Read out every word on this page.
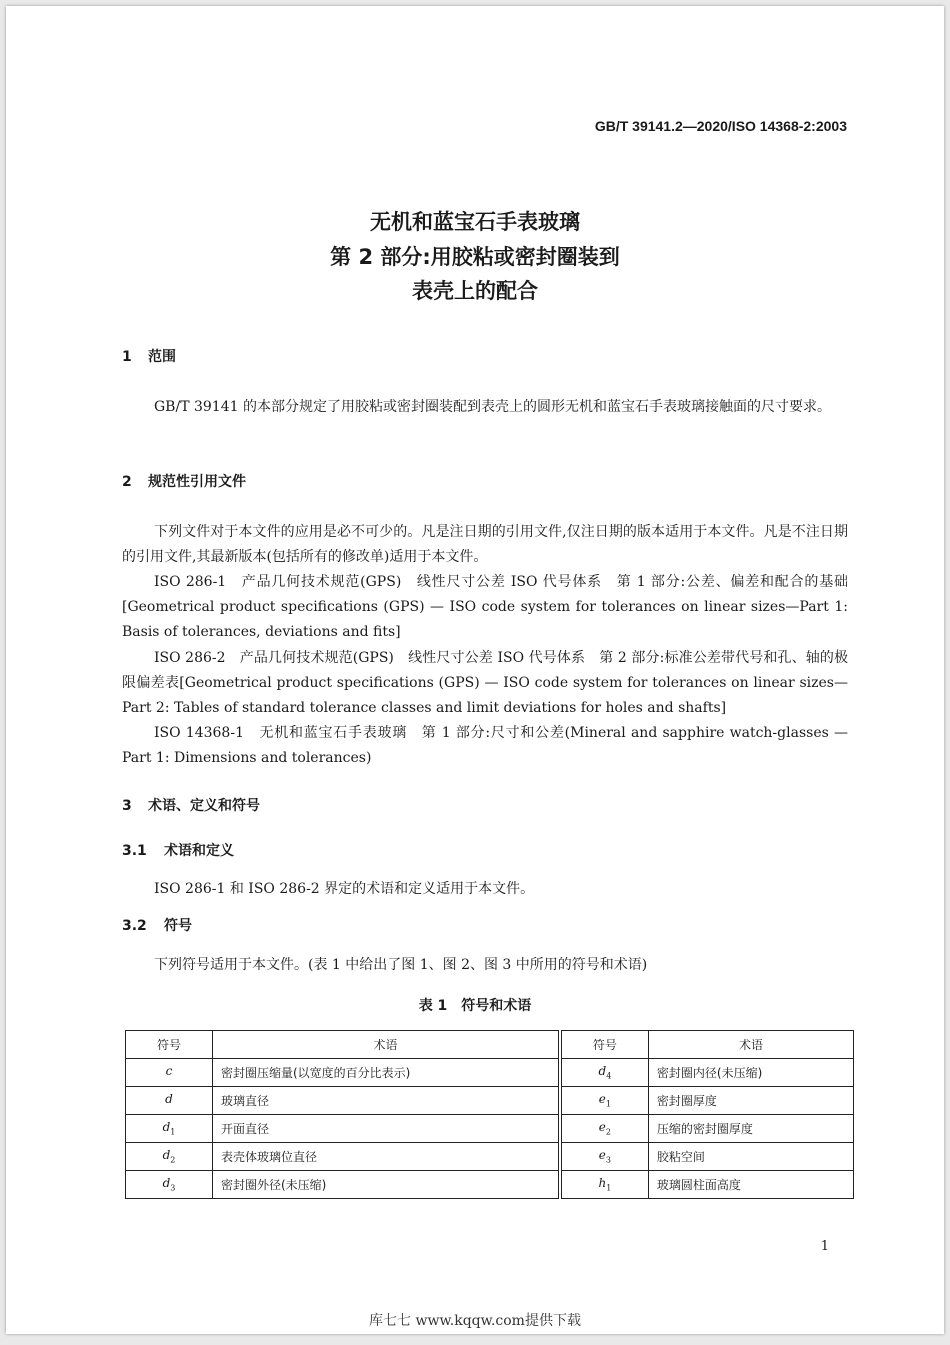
GB/T 39141.2—2020/ISO 14368-2:2003
无机和蓝宝石手表玻璃
第 2 部分:用胶粘或密封圈装到
表壳上的配合
1 范围

GB/T 39141 的本部分规定了用胶粘或密封圈装配到表壳上的圆形无机和蓝宝石手表玻璃接触面的尺寸要求。

2 规范性引用文件

下列文件对于本文件的应用是必不可少的。凡是注日期的引用文件,仅注日期的版本适用于本文件。凡是不注日期的引用文件,其最新版本(包括所有的修改单)适用于本文件。

ISO 286-1　产品几何技术规范(GPS)　线性尺寸公差 ISO 代号体系　第 1 部分:公差、偏差和配合的基础[Geometrical product specifications (GPS) — ISO code system for tolerances on linear sizes—Part 1: Basis of tolerances, deviations and fits]

ISO 286-2　产品几何技术规范(GPS)　线性尺寸公差 ISO 代号体系　第 2 部分:标准公差带代号和孔、轴的极限偏差表[Geometrical product specifications (GPS) — ISO code system for tolerances on linear sizes—Part 2: Tables of standard tolerance classes and limit deviations for holes and shafts]

ISO 14368-1　无机和蓝宝石手表玻璃　第 1 部分:尺寸和公差(Mineral and sapphire watch-glasses — Part 1: Dimensions and tolerances)

3 术语、定义和符号
3.1 术语和定义

ISO 286-1 和 ISO 286-2 界定的术语和定义适用于本文件。

3.2 符号

下列符号适用于本文件。(表 1 中给出了图 1、图 2、图 3 中所用的符号和术语)

表 1　符号和术语
符号	术语		符号	术语
c	密封圈压缩量(以宽度的百分比表示)		$d_4$	密封圈内径(未压缩)
d	玻璃直径		$e_1$	密封圈厚度
$d_1$	开面直径		$e_2$	压缩的密封圈厚度
$d_2$	表壳体玻璃位直径		$e_3$	胶粘空间
$d_3$	密封圈外径(未压缩)		$h_1$	玻璃圆柱面高度
1
库七七 www.kqqw.com提供下载
